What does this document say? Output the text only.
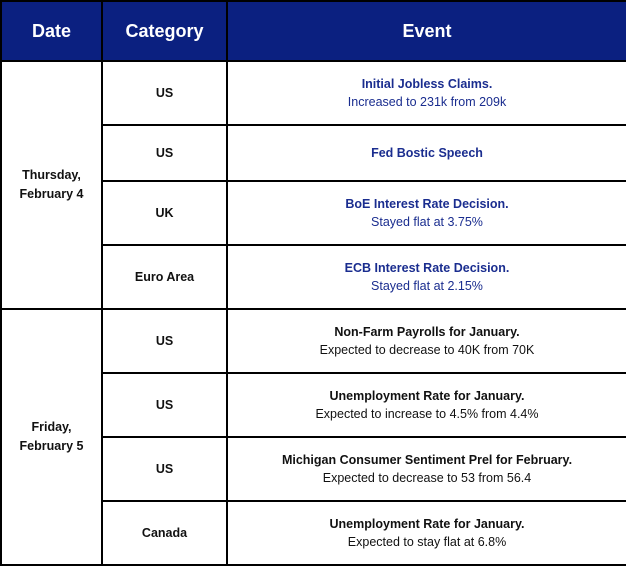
Date	Category	Event
Thursday,
February 4	US	Initial Jobless Claims.
Increased to 231k from 209k

	US	Fed Bostic Speech

	UK	BoE Interest Rate Decision.
Stayed flat at 3.75%

	Euro Area	ECB Interest Rate Decision.
Stayed flat at 2.15%

Friday,
February 5	US	Non-Farm Payrolls for January.
Expected to decrease to 40K from 70K

	US	Unemployment Rate for January.
Expected to increase to 4.5% from 4.4%

	US	Michigan Consumer Sentiment Prel for February.
Expected to decrease to 53 from 56.4

	Canada	Unemployment Rate for January.
Expected to stay flat at 6.8%
